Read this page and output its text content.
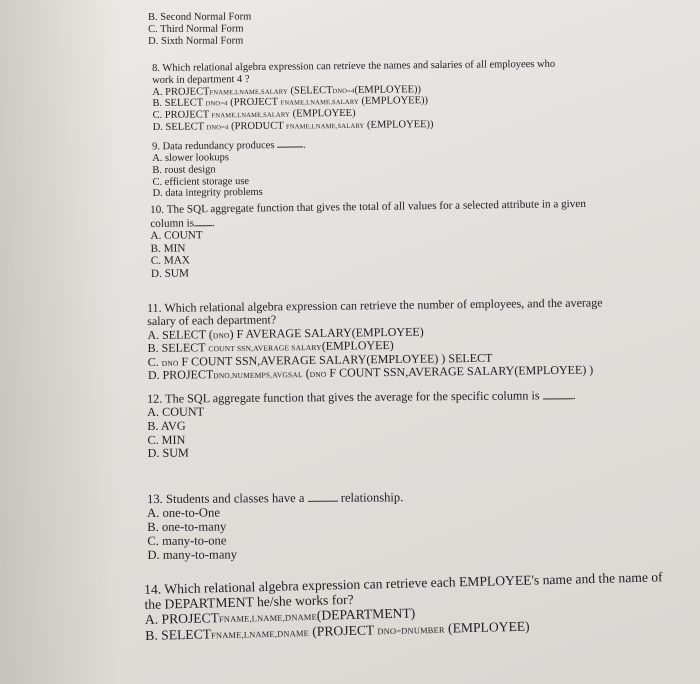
B. Second Normal Form
C. Third Normal Form
D. Sixth Normal Form
8. Which relational algebra expression can retrieve the names and salaries of all employees who
work in department 4 ?
A. PROJECTFNAME,LNAME,SALARY (SELECTDNO=4(EMPLOYEE))
B. SELECT DNO=4 (PROJECT FNAME,LNAME,SALARY (EMPLOYEE))
C. PROJECT FNAME,LNAME,SALARY (EMPLOYEE)
D. SELECT DNO=4 (PRODUCT FNAME,LNAME,SALARY (EMPLOYEE))
9. Data redundancy produces	.
A. slower lookups
B. roust design
C. efficient storage use
D. data integrity problems
10. The SQL aggregate function that gives the total of all values for a selected attribute in a given
column is .
A. COUNT
B. MIN
C. MAX
D. SUM
11. Which relational algebra expression can retrieve the number of employees, and the average
salary of each department?
A. SELECT (DNO) F AVERAGE SALARY(EMPLOYEE)
B. SELECT COUNT SSN,AVERAGE SALARY(EMPLOYEE)
C. DNO F COUNT SSN,AVERAGE SALARY(EMPLOYEE) ) SELECT
D. PROJECTDNO,NUMEMPS,AVGSAL (DNO F COUNT SSN,AVERAGE SALARY(EMPLOYEE) )
12. The SQL aggregate function that gives the average for the specific column is	.
A. COUNT
B. AVG
C. MIN
D. SUM
13. Students and classes have a	relationship.
A. one-to-One
B. one-to-many
C. many-to-one
D. many-to-many
14. Which relational algebra expression can retrieve each EMPLOYEE's name and the name of
the DEPARTMENT he/she works for?
A. PROJECTFNAME,LNAME,DNAME(DEPARTMENT)
B. SELECTFNAME,LNAME,DNAME (PROJECT DNO=DNUMBER (EMPLOYEE)
